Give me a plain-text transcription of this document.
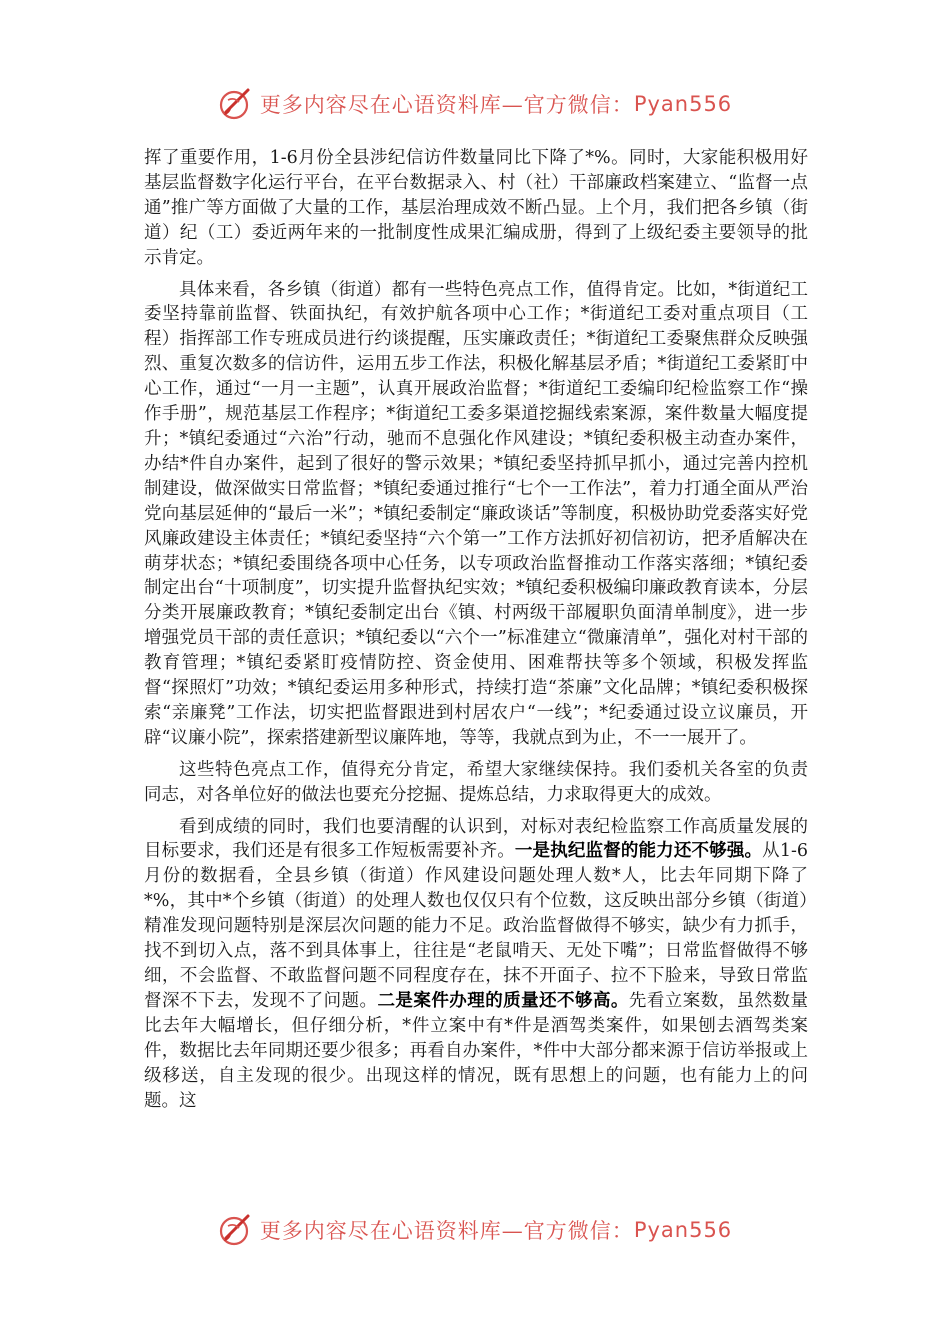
更多内容尽在心语资料库—官方微信： Pyan556

挥了重要作用，1-6月份全县涉纪信访件数量同比下降了*%。同时，大家能积极用好基层监督数字化运行平台，在平台数据录入、村（社）干部廉政档案建立、“监督一点通”推广等方面做了大量的工作，基层治理成效不断凸显。上个月，我们把各乡镇（街道）纪（工）委近两年来的一批制度性成果汇编成册，得到了上级纪委主要领导的批示肯定。

具体来看，各乡镇（街道）都有一些特色亮点工作，值得肯定。比如，*街道纪工委坚持靠前监督、铁面执纪，有效护航各项中心工作；*街道纪工委对重点项目（工程）指挥部工作专班成员进行约谈提醒，压实廉政责任；*街道纪工委聚焦群众反映强烈、重复次数多的信访件，运用五步工作法，积极化解基层矛盾；*街道纪工委紧盯中心工作，通过“一月一主题”，认真开展政治监督；*街道纪工委编印纪检监察工作“操作手册”，规范基层工作程序；*街道纪工委多渠道挖掘线索案源，案件数量大幅度提升；*镇纪委通过“六治”行动，驰而不息强化作风建设；*镇纪委积极主动查办案件，办结*件自办案件，起到了很好的警示效果；*镇纪委坚持抓早抓小，通过完善内控机制建设，做深做实日常监督；*镇纪委通过推行“七个一工作法”，着力打通全面从严治党向基层延伸的“最后一米”；*镇纪委制定“廉政谈话”等制度，积极协助党委落实好党风廉政建设主体责任；*镇纪委坚持“六个第一”工作方法抓好初信初访，把矛盾解决在萌芽状态；*镇纪委围绕各项中心任务，以专项政治监督推动工作落实落细；*镇纪委制定出台“十项制度”，切实提升监督执纪实效；*镇纪委积极编印廉政教育读本，分层分类开展廉政教育；*镇纪委制定出台《镇、村两级干部履职负面清单制度》，进一步增强党员干部的责任意识；*镇纪委以“六个一”标准建立“微廉清单”，强化对村干部的教育管理；*镇纪委紧盯疫情防控、资金使用、困难帮扶等多个领域，积极发挥监督“探照灯”功效；*镇纪委运用多种形式，持续打造“茶廉”文化品牌；*镇纪委积极探索“亲廉凳”工作法，切实把监督跟进到村居农户“一线”；*纪委通过设立议廉员，开辟“议廉小院”，探索搭建新型议廉阵地，等等，我就点到为止，不一一展开了。

这些特色亮点工作，值得充分肯定，希望大家继续保持。我们委机关各室的负责同志，对各单位好的做法也要充分挖掘、提炼总结，力求取得更大的成效。

看到成绩的同时，我们也要清醒的认识到，对标对表纪检监察工作高质量发展的目标要求，我们还是有很多工作短板需要补齐。一是执纪监督的能力还不够强。从1-6月份的数据看，全县乡镇（街道）作风建设问题处理人数*人，比去年同期下降了*%，其中*个乡镇（街道）的处理人数也仅仅只有个位数，这反映出部分乡镇（街道）精准发现问题特别是深层次问题的能力不足。政治监督做得不够实，缺少有力抓手，找不到切入点，落不到具体事上，往往是“老鼠啃天、无处下嘴”；日常监督做得不够细，不会监督、不敢监督问题不同程度存在，抹不开面子、拉不下脸来，导致日常监督深不下去，发现不了问题。二是案件办理的质量还不够高。先看立案数，虽然数量比去年大幅增长，但仔细分析，*件立案中有*件是酒驾类案件，如果刨去酒驾类案件，数据比去年同期还要少很多；再看自办案件，*件中大部分都来源于信访举报或上级移送，自主发现的很少。出现这样的情况，既有思想上的问题，也有能力上的问题。这

更多内容尽在心语资料库—官方微信： Pyan556
